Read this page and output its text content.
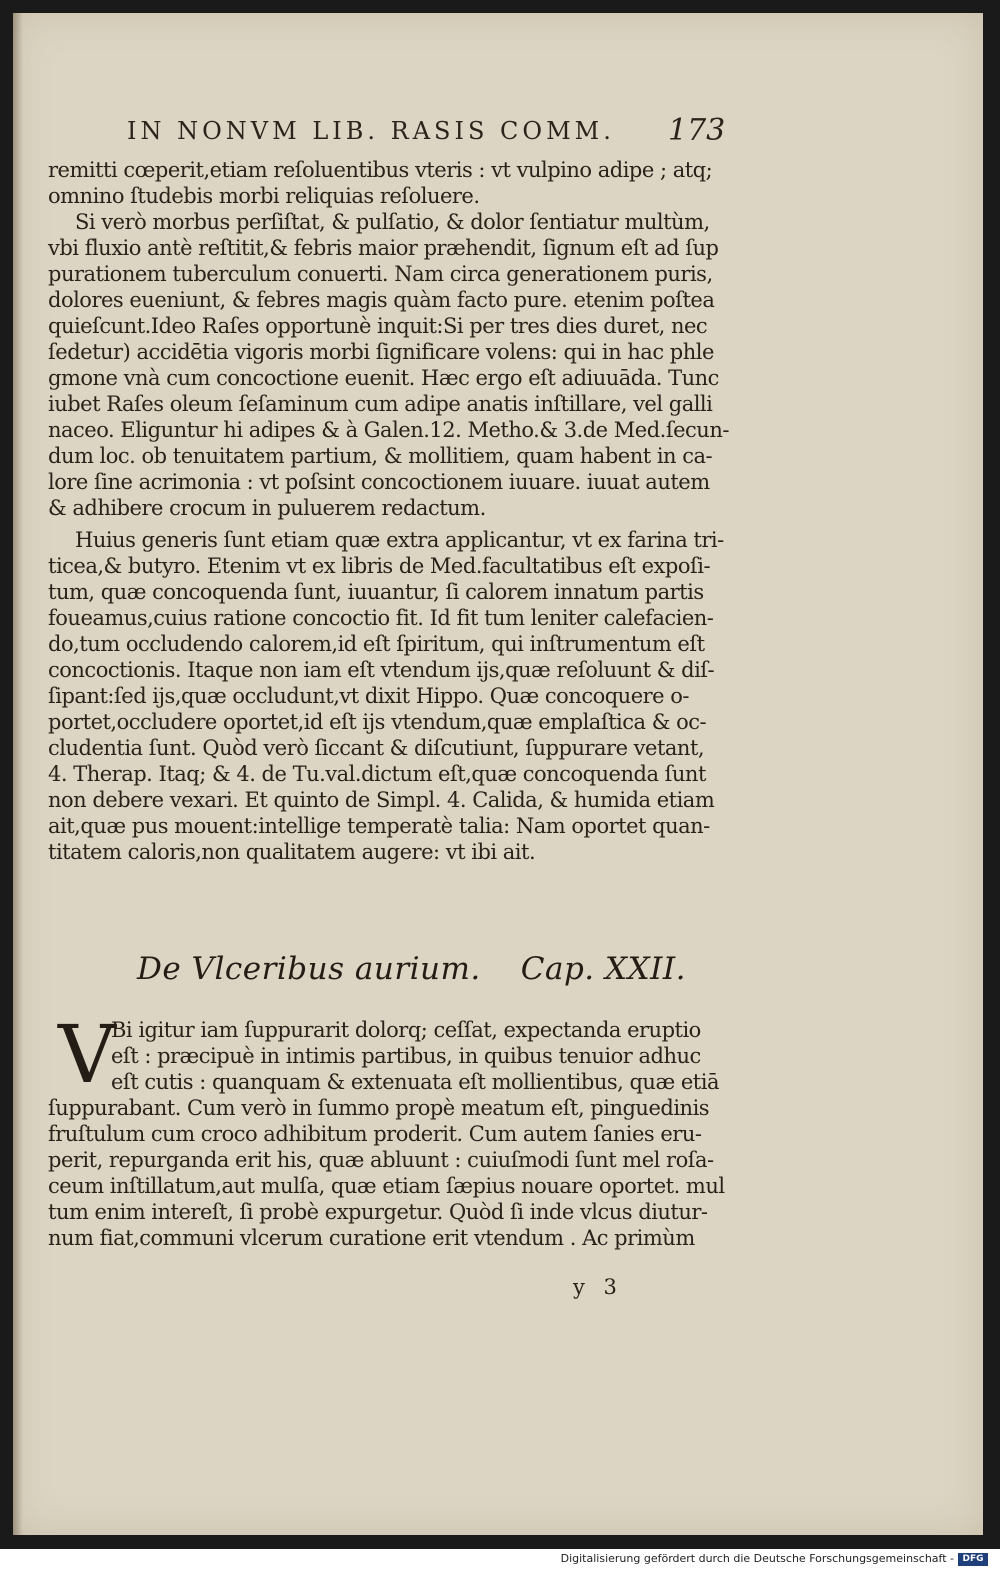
IN NONVM LIB. RASIS COMM.	173
remitti cœperit,etiam reſoluentibus vteris : vt vulpino adipe ; atq;
omnino ſtudebis morbi reliquias reſoluere.
Si verò morbus perſiſtat, & pulſatio, & dolor ſentiatur multùm,
vbi fluxio antè reſtitit,& febris maior præhendit, ſignum eſt ad ſup
purationem tuberculum conuerti. Nam circa generationem puris,
dolores eueniunt, & febres magis quàm facto pure. etenim poſtea
quieſcunt.Ideo Raſes opportunè inquit:Si per tres dies duret, nec
ſedetur) accidētia vigoris morbi ſignificare volens: qui in hac phle
gmone vnà cum concoctione euenit. Hæc ergo eſt adiuuāda. Tunc
iubet Raſes oleum ſeſaminum cum adipe anatis inſtillare, vel galli
naceo. Eliguntur hi adipes & à Galen.12. Metho.& 3.de Med.ſecun-
dum loc. ob tenuitatem partium, & mollitiem, quam habent in ca-
lore ſine acrimonia : vt poſsint concoctionem iuuare. iuuat autem
& adhibere crocum in puluerem redactum.
Huius generis ſunt etiam quæ extra applicantur, vt ex farina tri-
ticea,& butyro. Etenim vt ex libris de Med.facultatibus eſt expoſi-
tum, quæ concoquenda ſunt, iuuantur, ſi calorem innatum partis
foueamus,cuius ratione concoctio fit. Id fit tum leniter calefacien-
do,tum occludendo calorem,id eſt ſpiritum, qui inſtrumentum eſt
concoctionis. Itaque non iam eſt vtendum ijs,quæ reſoluunt & diſ-
ſipant:ſed ijs,quæ occludunt,vt dixit Hippo. Quæ concoquere o-
portet,occludere oportet,id eſt ijs vtendum,quæ emplaſtica & oc-
cludentia ſunt. Quòd verò ſiccant & diſcutiunt, ſuppurare vetant,
4. Therap. Itaq; & 4. de Tu.val.dictum eſt,quæ concoquenda ſunt
non debere vexari. Et quinto de Simpl. 4. Calida, & humida etiam
ait,quæ pus mouent:intellige temperatè talia: Nam oportet quan-
titatem caloris,non qualitatem augere: vt ibi ait.
De Vlceribus aurium. Cap. XXII.
V
Bi igitur iam ſuppurarit dolorq; ceſſat, expectanda eruptio
eſt : præcipuè in intimis partibus, in quibus tenuior adhuc
eſt cutis : quanquam & extenuata eſt mollientibus, quæ etiā
ſuppurabant. Cum verò in ſummo propè meatum eſt, pinguedinis
fruſtulum cum croco adhibitum proderit. Cum autem ſanies eru-
perit, repurganda erit his, quæ abluunt : cuiuſmodi ſunt mel roſa-
ceum inſtillatum,aut mulſa, quæ etiam ſæpius nouare oportet. mul
tum enim intereſt, ſi probè expurgetur. Quòd ſi inde vlcus diutur-
num fiat,communi vlcerum curatione erit vtendum . Ac primùm
y 3
Digitalisierung gefördert durch die Deutsche Forschungsgemeinschaft - DFG
